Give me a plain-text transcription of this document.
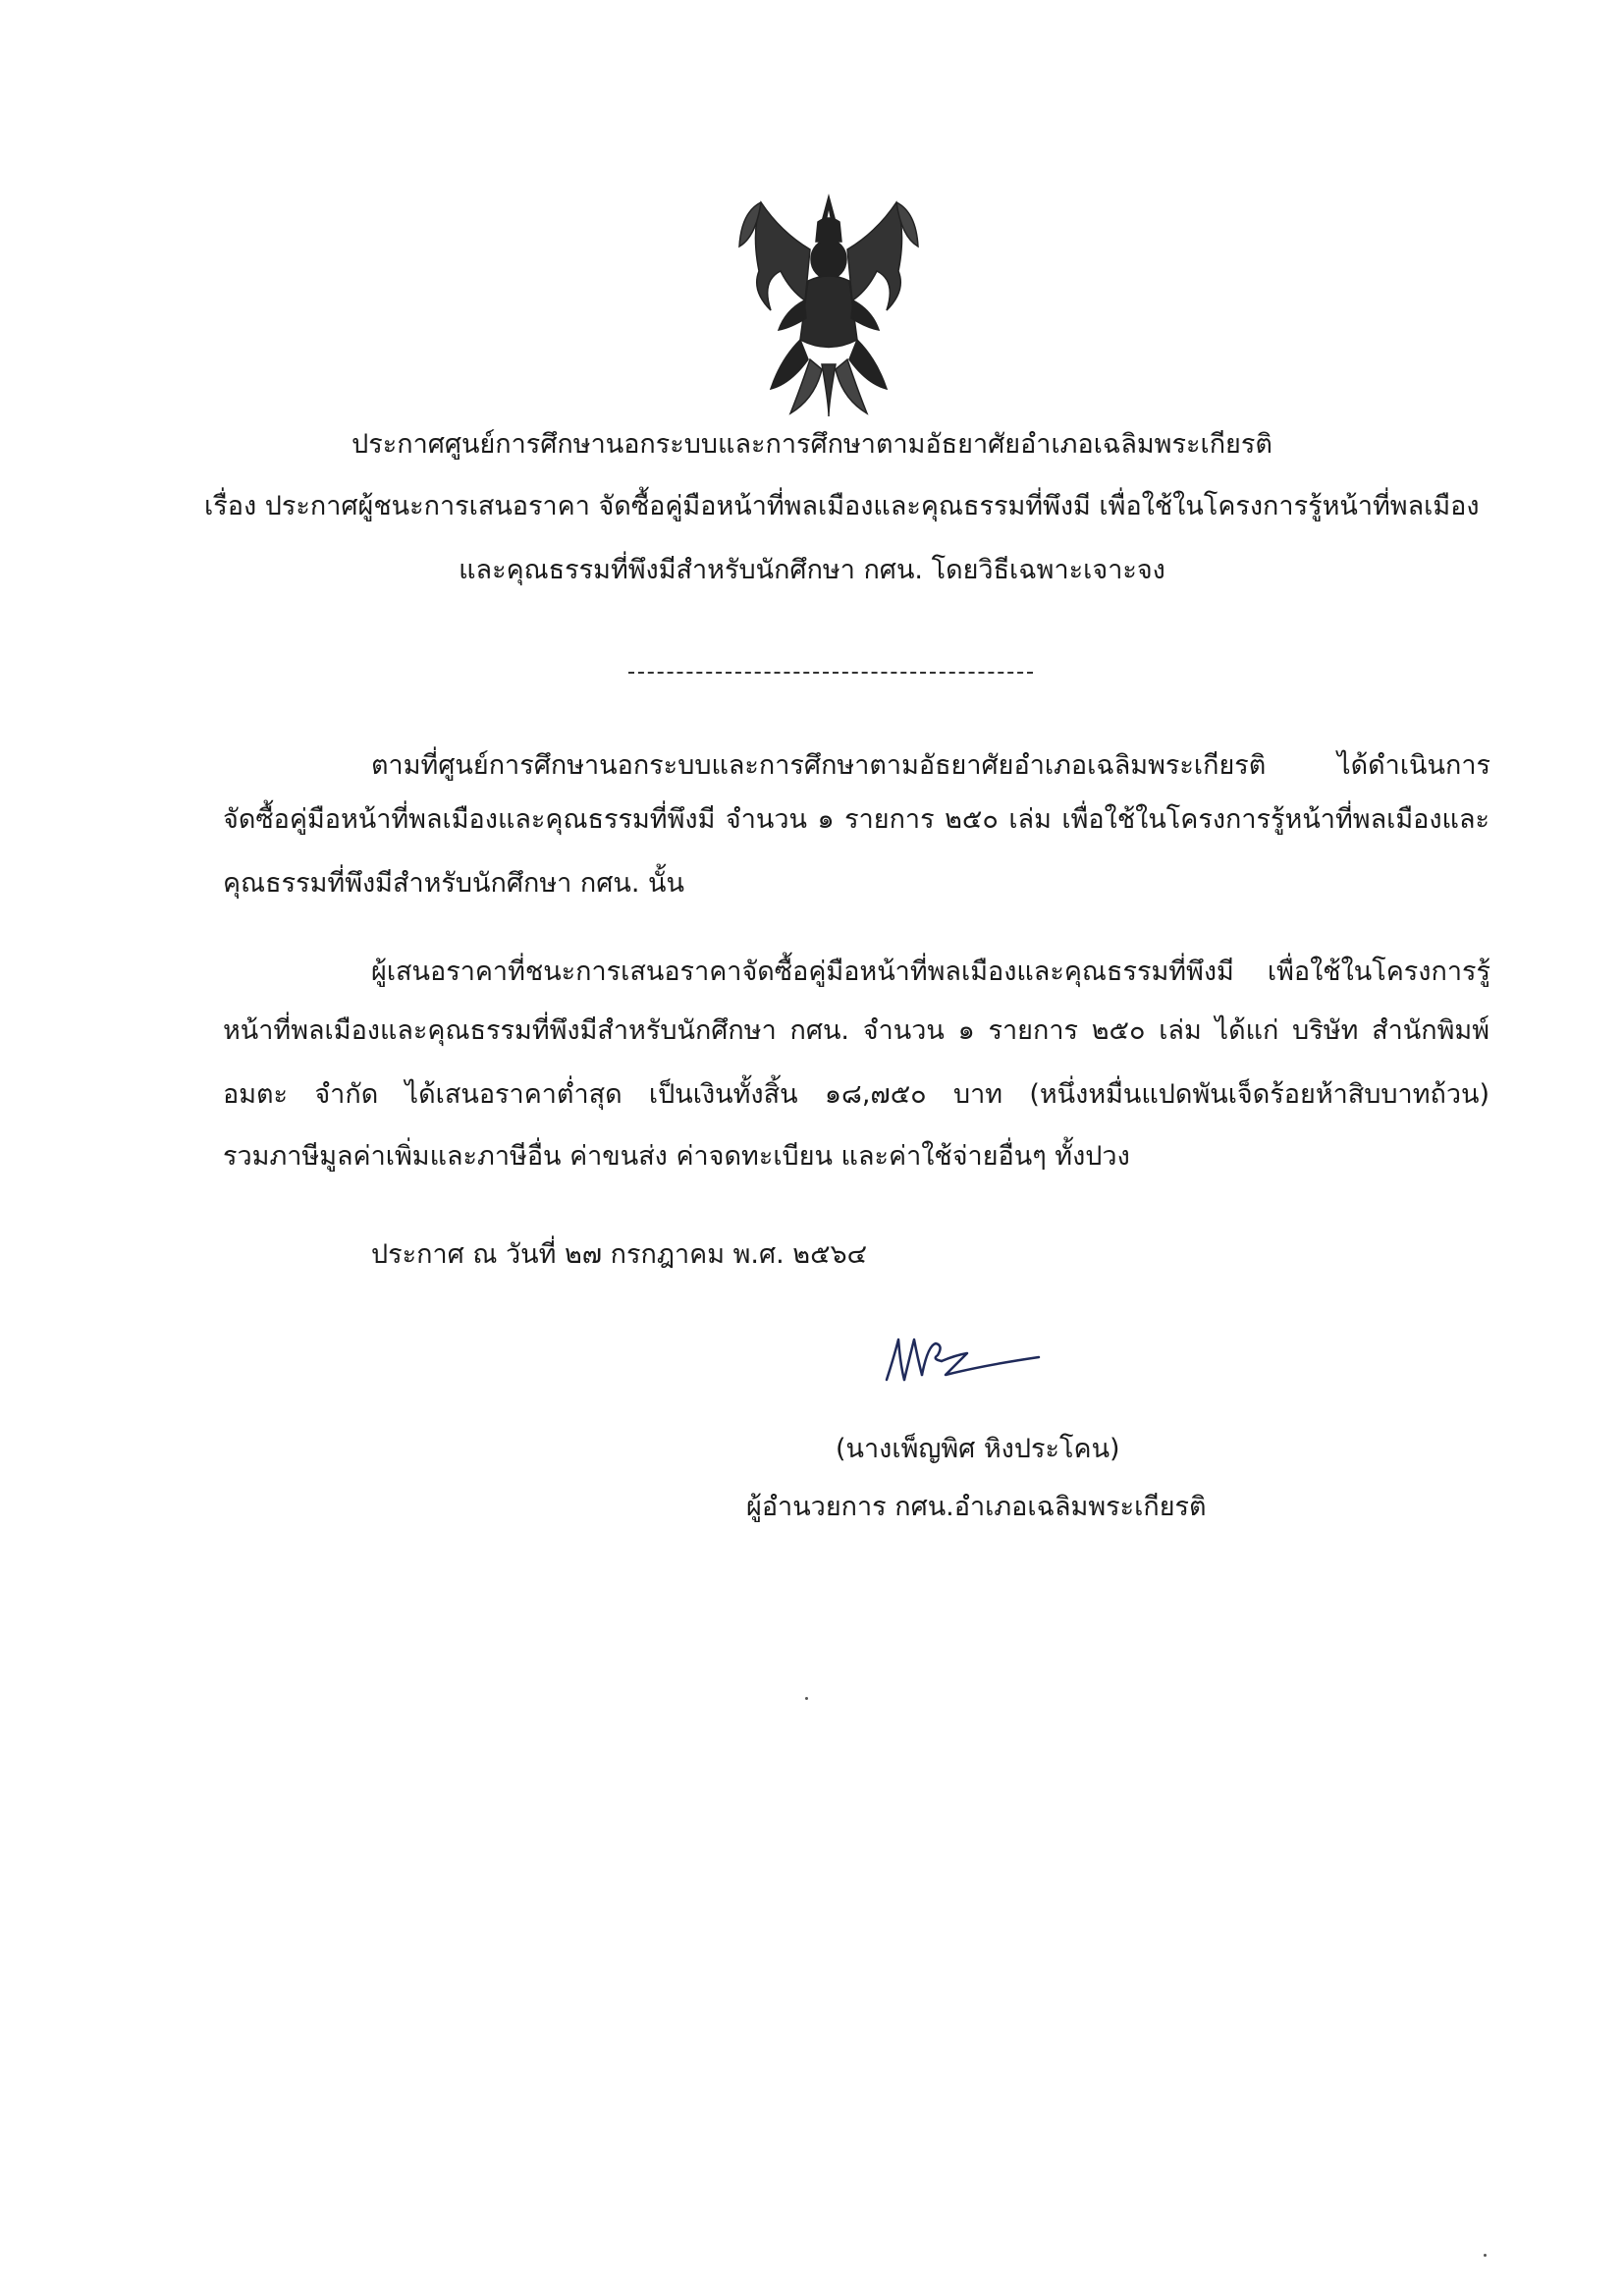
ประกาศศูนย์การศึกษานอกระบบและการศึกษาตามอัธยาศัยอำเภอเฉลิมพระเกียรติ
เรื่อง ประกาศผู้ชนะการเสนอราคา จัดซื้อคู่มือหน้าที่พลเมืองและคุณธรรมที่พึงมี เพื่อใช้ในโครงการรู้หน้าที่พลเมือง
และคุณธรรมที่พึงมีสำหรับนักศึกษา กศน. โดยวิธีเฉพาะเจาะจง
ตามที่ศูนย์การศึกษานอกระบบและการศึกษาตามอัธยาศัยอำเภอเฉลิมพระเกียรติ ได้ดำเนินการ
จัดซื้อคู่มือหน้าที่พลเมืองและคุณธรรมที่พึงมี จำนวน ๑ รายการ ๒๕๐ เล่ม เพื่อใช้ในโครงการรู้หน้าที่พลเมืองและ
คุณธรรมที่พึงมีสำหรับนักศึกษา กศน. นั้น
ผู้เสนอราคาที่ชนะการเสนอราคาจัดซื้อคู่มือหน้าที่พลเมืองและคุณธรรมที่พึงมี เพื่อใช้ในโครงการรู้
หน้าที่พลเมืองและคุณธรรมที่พึงมีสำหรับนักศึกษา กศน. จำนวน ๑ รายการ ๒๕๐ เล่ม ได้แก่ บริษัท สำนักพิมพ์
อมตะ จำกัด ได้เสนอราคาต่ำสุด เป็นเงินทั้งสิ้น ๑๘,๗๕๐ บาท (หนึ่งหมื่นแปดพันเจ็ดร้อยห้าสิบบาทถ้วน)
รวมภาษีมูลค่าเพิ่มและภาษีอื่น ค่าขนส่ง ค่าจดทะเบียน และค่าใช้จ่ายอื่นๆ ทั้งปวง
ประกาศ ณ วันที่ ๒๗ กรกฎาคม พ.ศ. ๒๕๖๔
(นางเพ็ญพิศ หิงประโคน)
ผู้อำนวยการ กศน.อำเภอเฉลิมพระเกียรติ
